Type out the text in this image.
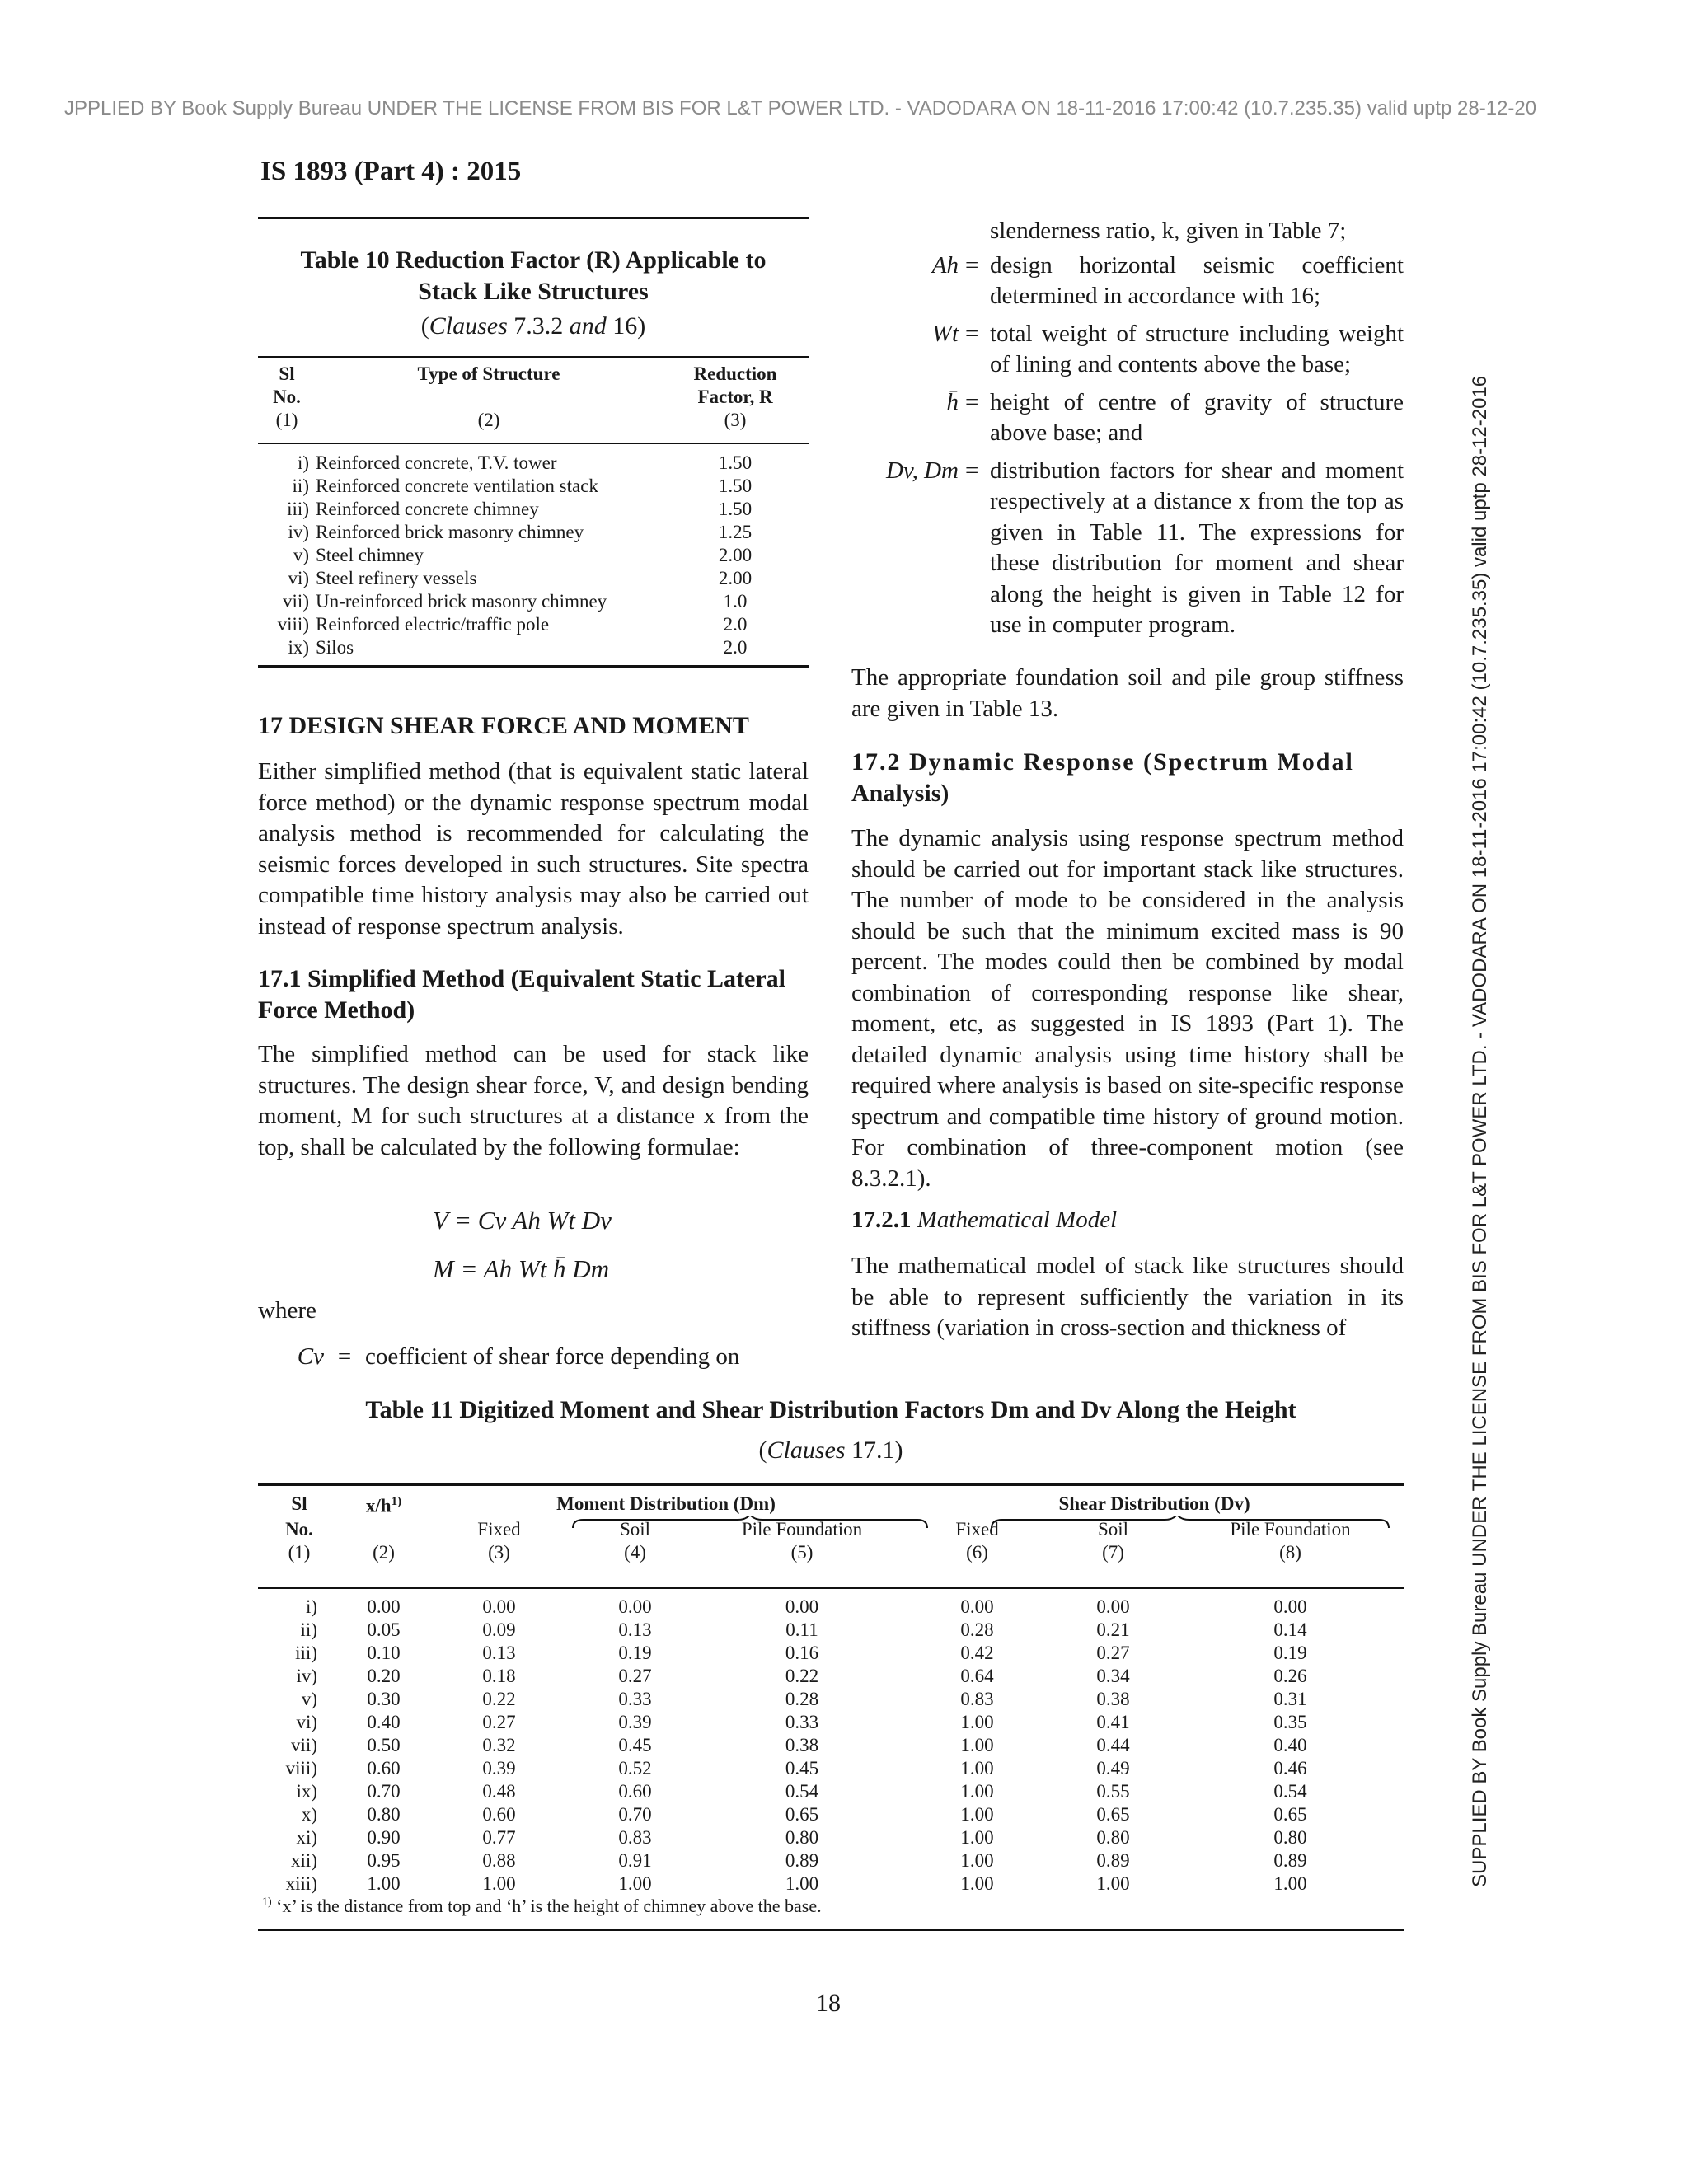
JPPLIED BY Book Supply Bureau UNDER THE LICENSE FROM BIS FOR L&T POWER LTD. - VADODARA ON 18-11-2016 17:00:42 (10.7.235.35) valid uptp 28-12-20
SUPPLIED BY Book Supply Bureau UNDER THE LICENSE FROM BIS FOR L&T POWER LTD. - VADODARA ON 18-11-2016 17:00:42 (10.7.235.35) valid uptp 28-12-2016
IS 1893 (Part 4) : 2015
Table 10 Reduction Factor (R) Applicable to
Stack Like Structures
(Clauses 7.3.2 and 16)
Sl	Type of Structure	Reduction
No.		Factor, R
(1)	(2)	(3)
i)	Reinforced concrete, T.V. tower	1.50
ii)	Reinforced concrete ventilation stack	1.50
iii)	Reinforced concrete chimney	1.50
iv)	Reinforced brick masonry chimney	1.25
v)	Steel chimney	2.00
vi)	Steel refinery vessels	2.00
vii)	Un-reinforced brick masonry chimney	1.0
viii)	Reinforced electric/traffic pole	2.0
ix)	Silos	2.0
17 DESIGN SHEAR FORCE AND MOMENT
Either simplified method (that is equivalent static lateral force method) or the dynamic response spectrum modal analysis method is recommended for calculating the seismic forces developed in such structures. Site spectra compatible time history analysis may also be carried out instead of response spectrum analysis.
17.1 Simplified Method (Equivalent Static Lateral
Force Method)
The simplified method can be used for stack like structures. The design shear force, V, and design bending moment, M for such structures at a distance x from the top, shall be calculated by the following formulae:
V = Cv Ah Wt Dv
M = Ah Wt h̄ Dm
where
Cv = coefficient of shear force depending on
slenderness ratio, k, given in Table 7;
Ah = design horizontal seismic coefficient determined in accordance with 16;
Wt = total weight of structure including weight of lining and contents above the base;
h̄ = height of centre of gravity of structure above base; and
Dv, Dm = distribution factors for shear and moment respectively at a distance x from the top as given in Table 11. The expressions for these distribution for moment and shear along the height is given in Table 12 for use in computer program.
The appropriate foundation soil and pile group stiffness are given in Table 13.
17.2 Dynamic Response (Spectrum Modal
Analysis)
The dynamic analysis using response spectrum method should be carried out for important stack like structures. The number of mode to be considered in the analysis should be such that the minimum excited mass is 90 percent. The modes could then be combined by modal combination of corresponding response like shear, moment, etc, as suggested in IS 1893 (Part 1). The detailed dynamic analysis using time history shall be required where analysis is based on site-specific response spectrum and compatible time history of ground motion. For combination of three-component motion (see 8.3.2.1).
17.2.1 Mathematical Model
The mathematical model of stack like structures should be able to represent sufficiently the variation in its stiffness (variation in cross-section and thickness of
Table 11 Digitized Moment and Shear Distribution Factors Dm and Dv Along the Height
(Clauses 17.1)
Sl	$x/h^{1)}$	Moment Distribution (Dm)			Shear Distribution (Dv)		
No.		Fixed	Soil	Pile Foundation	Fixed	Soil	Pile Foundation
(1)	(2)	(3)	(4)	(5)	(6)	(7)	(8)
i)	0.00	0.00	0.00	0.00	0.00	0.00	0.00
ii)	0.05	0.09	0.13	0.11	0.28	0.21	0.14
iii)	0.10	0.13	0.19	0.16	0.42	0.27	0.19
iv)	0.20	0.18	0.27	0.22	0.64	0.34	0.26
v)	0.30	0.22	0.33	0.28	0.83	0.38	0.31
vi)	0.40	0.27	0.39	0.33	1.00	0.41	0.35
vii)	0.50	0.32	0.45	0.38	1.00	0.44	0.40
viii)	0.60	0.39	0.52	0.45	1.00	0.49	0.46
ix)	0.70	0.48	0.60	0.54	1.00	0.55	0.54
x)	0.80	0.60	0.70	0.65	1.00	0.65	0.65
xi)	0.90	0.77	0.83	0.80	1.00	0.80	0.80
xii)	0.95	0.88	0.91	0.89	1.00	0.89	0.89
xiii)	1.00	1.00	1.00	1.00	1.00	1.00	1.00
$^{1)}$ ‘x’ is the distance from top and ‘h’ is the height of chimney above the base.
18
